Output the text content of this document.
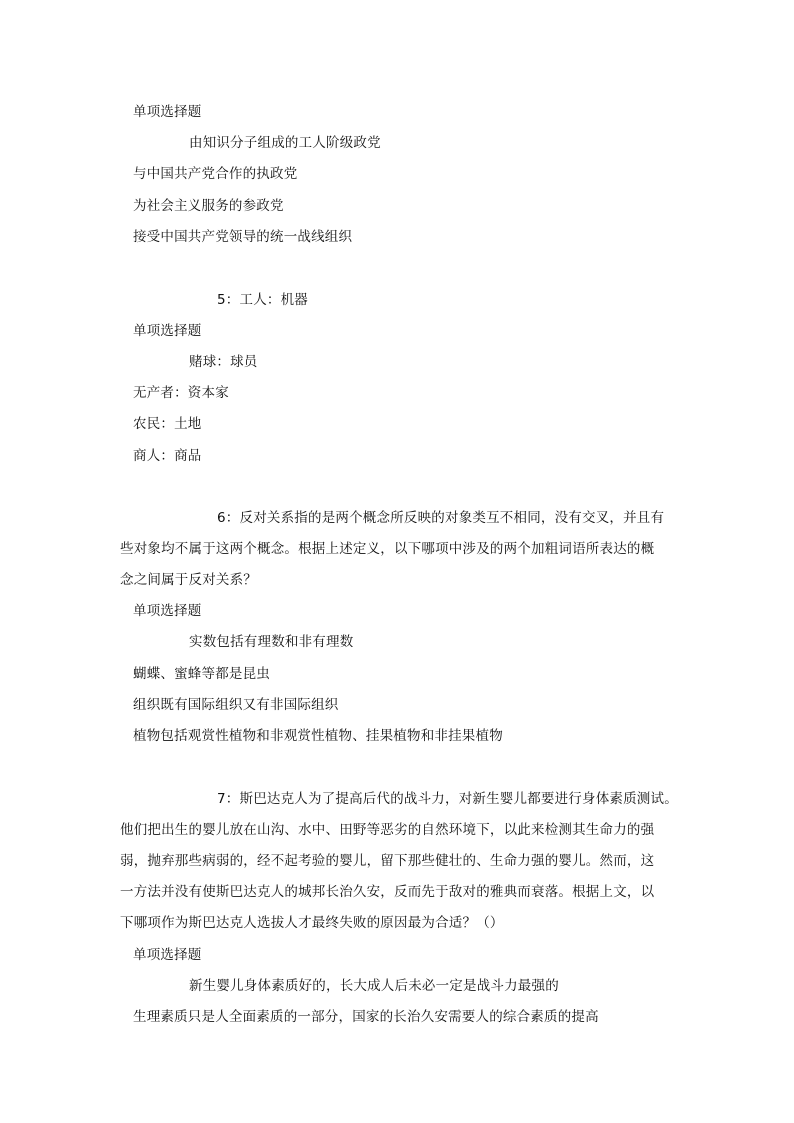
单项选择题
由知识分子组成的工人阶级政党
与中国共产党合作的执政党
为社会主义服务的参政党
接受中国共产党领导的统一战线组织
5：工人：机器
单项选择题
赌球：球员
无产者：资本家
农民：土地
商人：商品
6：反对关系指的是两个概念所反映的对象类互不相同，没有交叉，并且有
些对象均不属于这两个概念。根据上述定义，以下哪项中涉及的两个加粗词语所表达的概
念之间属于反对关系？
单项选择题
实数包括有理数和非有理数
蝴蝶、蜜蜂等都是昆虫
组织既有国际组织又有非国际组织
植物包括观赏性植物和非观赏性植物、挂果植物和非挂果植物
7：斯巴达克人为了提高后代的战斗力，对新生婴儿都要进行身体素质测试。
他们把出生的婴儿放在山沟、水中、田野等恶劣的自然环境下，以此来检测其生命力的强
弱，抛弃那些病弱的，经不起考验的婴儿，留下那些健壮的、生命力强的婴儿。然而，这
一方法并没有使斯巴达克人的城邦长治久安，反而先于敌对的雅典而衰落。根据上文，以
下哪项作为斯巴达克人选拔人才最终失败的原因最为合适？（）
单项选择题
新生婴儿身体素质好的，长大成人后未必一定是战斗力最强的
生理素质只是人全面素质的一部分，国家的长治久安需要人的综合素质的提高
